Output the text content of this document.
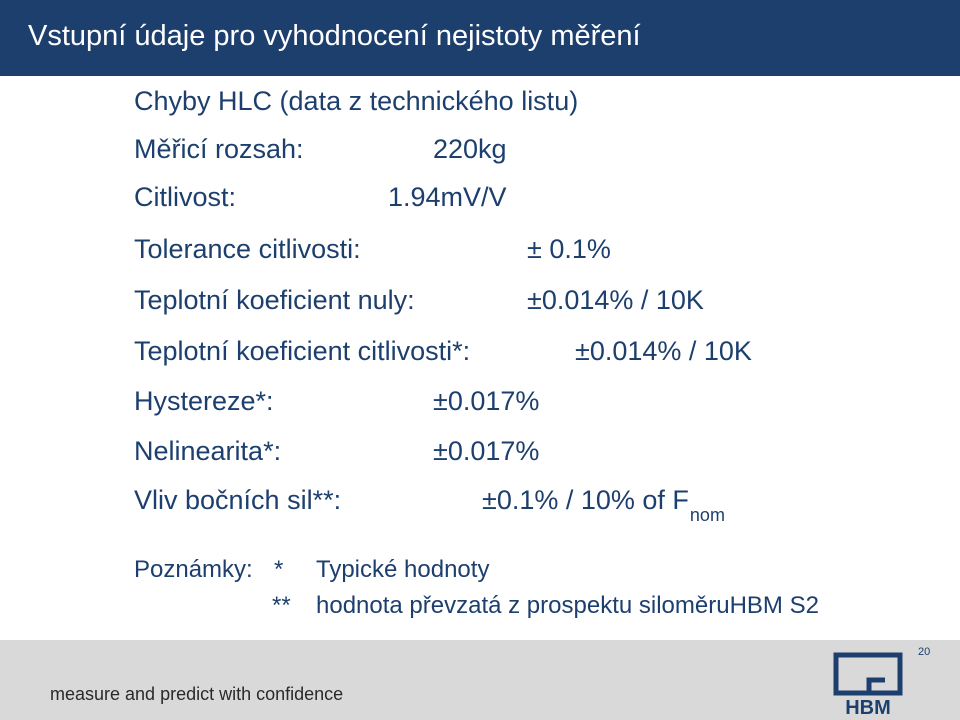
Vstupní údaje pro vyhodnocení nejistoty měření
Chyby HLC (data z technického listu)
Měřicí rozsah:	220kg
Citlivost:	1.94mV/V
Tolerance citlivosti:	± 0.1%
Teplotní koeficient nuly:	±0.014% / 10K
Teplotní koeficient citlivosti*:	±0.014% / 10K
Hystereze*:	±0.017%
Nelinearita*:	±0.017%
Vliv bočních sil**:	±0.1% / 10% of $F_{nom}$
Poznámky: * Typické hodnoty
** hodnota převzatá z prospektu siloměruHBM S2
measure and predict with confidence
20
HBM
